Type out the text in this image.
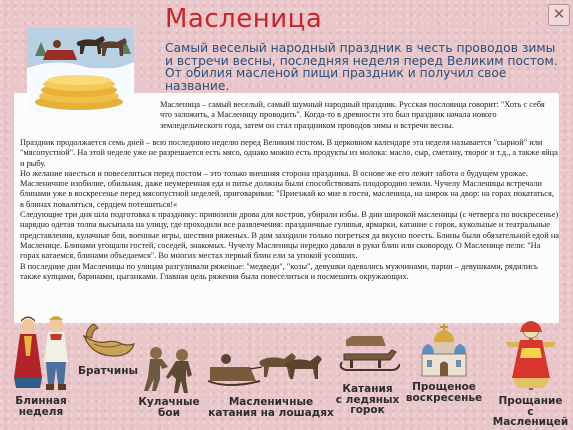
✕
Масленица

Самый веселый народный праздник в честь проводов зимы и встречи весны, последняя неделя перед Великим постом. От обилия масленой пищи праздник и получил свое название.

Масленица – самый веселый, самый шумный народный праздник. Русская пословица говорит: "Хоть с себя что заложить, а Масленицу проводить". Когда-то в древности это был праздник начала нового земледельческого года, затем он стал праздником проводов зимы и встречи весны.

Праздник продолжается семь дней – всю последнюю неделю перед Великим постом. В церковном календаре эта неделя называется "сырной" или "мясопустной". На этой неделе уже не разрешается есть мясо, однако можно есть продукты из молока: масло, сыр, сметану, творог и т.д., а также яйца и рыбу.
Но желание наесться и повеселиться перед постом – это только внешняя сторона праздника. В основе же его лежит забота о будущем урожае. Масленичное изобилие, обильная, даже неумеренная еда и питье должны были способствовать плодородию земли. Чучелу Масленицы встречали блинами уже в воскресенье перед мясопустной неделей, приговаривая: "Приезжай ко мне в гости, масленица, на широк на двор: на горах покататься, в блинах поваляться, сердцем потешиться!«
Следующие три дня шла подготовка к празднику: привозили дрова для костров, убирали избы. В дни широкой масленицы (с четверга по воскресенье) нарядно одетая толпа высыпала на улицу, где проходили все развлечения: праздничные гулянья, ярмарки, катание с горок, кукольные и театральные представления, кулачные бои, военные игры, шествия ряженых. В дом заходили только погреться да вкусно поесть. Блины были обязательной едой на Масленице. Блинами угощали гостей, соседей, знакомых. Чучелу Масленицы нередко давали в руки блин или сковороду. О Масленице пели: "На горах катаемся, блинами объедаемся". Во многих местах первый блин ели за упокой усопших.
В последние дни Масленицы по улицам разгуливали ряженые: "медведи", "козы", девушки одевались мужчинами, парни – девушками, рядились также купцами, баринами, цыганками. Главная цель ряжения была повеселиться и посмешить окружающих.
Блинная
неделя
Братчины
Кулачные
бои
Масленичные
катания на лошадях
Катания
с ледяных
горок
Прощеное
воскресенье	Прощание
с Масленицей
